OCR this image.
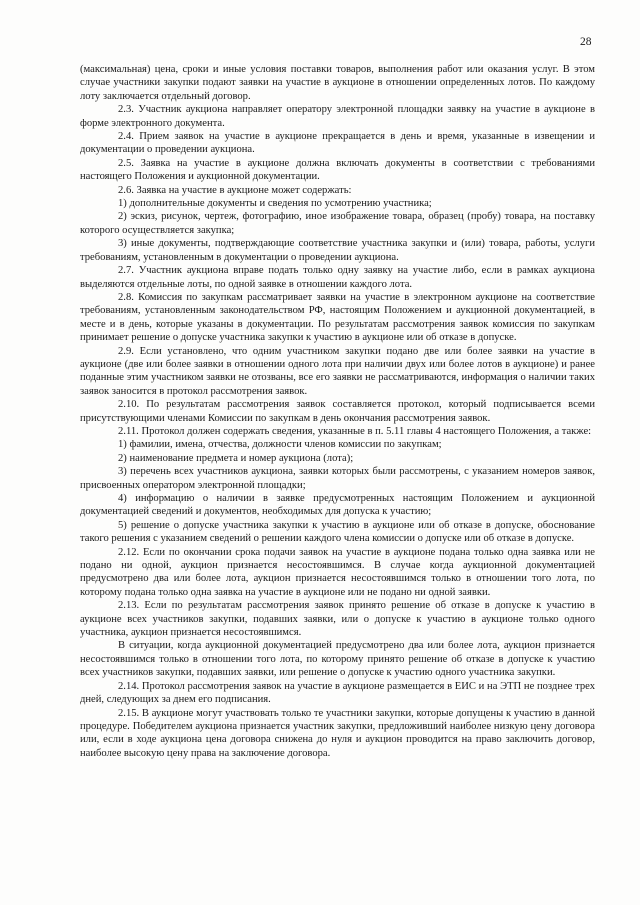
28

(максимальная) цена, сроки и иные условия поставки товаров, выполнения работ или оказания услуг. В этом случае участники закупки подают заявки на участие в аукционе в отношении определенных лотов. По каждому лоту заключается отдельный договор.

2.3. Участник аукциона направляет оператору электронной площадки заявку на участие в аукционе в форме электронного документа.

2.4. Прием заявок на участие в аукционе прекращается в день и время, указанные в извещении и документации о проведении аукциона.

2.5. Заявка на участие в аукционе должна включать документы в соответствии с требованиями настоящего Положения и аукционной документации.

2.6. Заявка на участие в аукционе может содержать:

1) дополнительные документы и сведения по усмотрению участника;

2) эскиз, рисунок, чертеж, фотографию, иное изображение товара, образец (пробу) товара, на поставку которого осуществляется закупка;

3) иные документы, подтверждающие соответствие участника закупки и (или) товара, работы, услуги требованиям, установленным в документации о проведении аукциона.

2.7. Участник аукциона вправе подать только одну заявку на участие либо, если в рамках аукциона выделяются отдельные лоты, по одной заявке в отношении каждого лота.

2.8. Комиссия по закупкам рассматривает заявки на участие в электронном аукционе на соответствие требованиям, установленным законодательством РФ, настоящим Положением и аукционной документацией, в месте и в день, которые указаны в документации. По результатам рассмотрения заявок комиссия по закупкам принимает решение о допуске участника закупки к участию в аукционе или об отказе в допуске.

2.9. Если установлено, что одним участником закупки подано две или более заявки на участие в аукционе (две или более заявки в отношении одного лота при наличии двух или более лотов в аукционе) и ранее поданные этим участником заявки не отозваны, все его заявки не рассматриваются, информация о наличии таких заявок заносится в протокол рассмотрения заявок.

2.10. По результатам рассмотрения заявок составляется протокол, который подписывается всеми присутствующими членами Комиссии по закупкам в день окончания рассмотрения заявок.

2.11. Протокол должен содержать сведения, указанные в п. 5.11 главы 4 настоящего Положения, а также:

1) фамилии, имена, отчества, должности членов комиссии по закупкам;

2) наименование предмета и номер аукциона (лота);

3) перечень всех участников аукциона, заявки которых были рассмотрены, с указанием номеров заявок, присвоенных оператором электронной площадки;

4) информацию о наличии в заявке предусмотренных настоящим Положением и аукционной документацией сведений и документов, необходимых для допуска к участию;

5) решение о допуске участника закупки к участию в аукционе или об отказе в допуске, обоснование такого решения с указанием сведений о решении каждого члена комиссии о допуске или об отказе в допуске.

2.12. Если по окончании срока подачи заявок на участие в аукционе подана только одна заявка или не подано ни одной, аукцион признается несостоявшимся. В случае когда аукционной документацией предусмотрено два или более лота, аукцион признается несостоявшимся только в отношении того лота, по которому подана только одна заявка на участие в аукционе или не подано ни одной заявки.

2.13. Если по результатам рассмотрения заявок принято решение об отказе в допуске к участию в аукционе всех участников закупки, подавших заявки, или о допуске к участию в аукционе только одного участника, аукцион признается несостоявшимся.

В ситуации, когда аукционной документацией предусмотрено два или более лота, аукцион признается несостоявшимся только в отношении того лота, по которому принято решение об отказе в допуске к участию всех участников закупки, подавших заявки, или решение о допуске к участию одного участника закупки.

2.14. Протокол рассмотрения заявок на участие в аукционе размещается в ЕИС и на ЭТП не позднее трех дней, следующих за днем его подписания.

2.15. В аукционе могут участвовать только те участники закупки, которые допущены к участию в данной процедуре. Победителем аукциона признается участник закупки, предложивший наиболее низкую цену договора или, если в ходе аукциона цена договора снижена до нуля и аукцион проводится на право заключить договор, наиболее высокую цену права на заключение договора.
